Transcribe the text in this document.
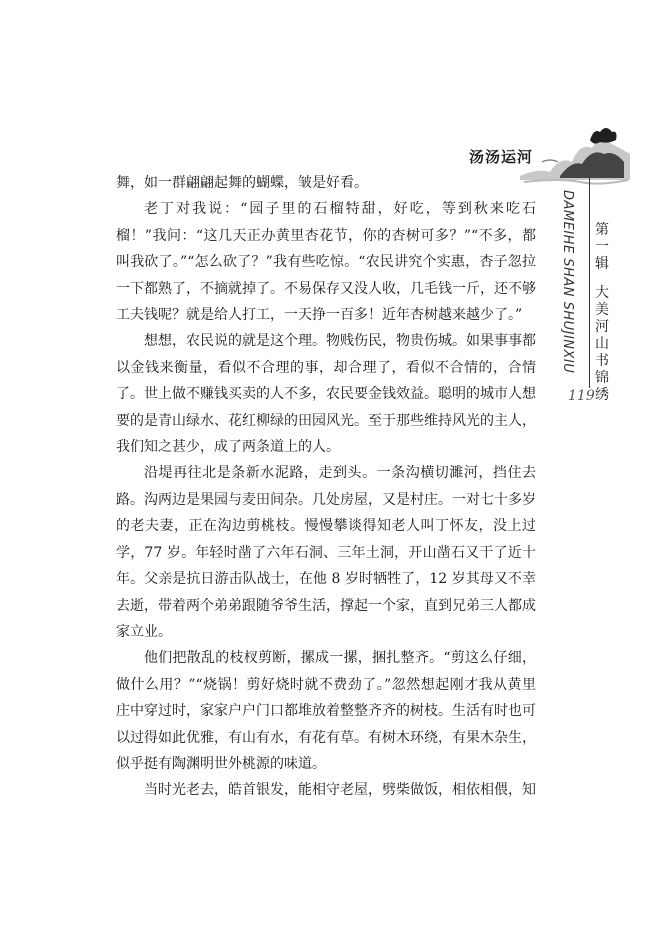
汤汤运河
DAMEIHE SHAN SHUJINXIU 第 一 辑
大 美 河 山 书 锦 绣
119

舞，如一群翩翩起舞的蝴蝶，皱是好看。

老丁对我说：“园子里的石榴特甜，好吃，等到秋来吃石榴！”我问：“这几天正办黄里杏花节，你的杏树可多？”“不多，都叫我砍了。”“怎么砍了？”我有些吃惊。“农民讲究个实惠，杏子忽拉一下都熟了，不摘就掉了。不易保存又没人收，几毛钱一斤，还不够工夫钱呢？就是给人打工，一天挣一百多！近年杏树越来越少了。”

想想，农民说的就是这个理。物贱伤民，物贵伤城。如果事事都以金钱来衡量，看似不合理的事，却合理了，看似不合情的，合情了。世上做不赚钱买卖的人不多，农民要金钱效益。聪明的城市人想要的是青山绿水、花红柳绿的田园风光。至于那些维持风光的主人，我们知之甚少，成了两条道上的人。

沿堤再往北是条新水泥路，走到头。一条沟横切濉河，挡住去路。沟两边是果园与麦田间杂。几处房屋，又是村庄。一对七十多岁的老夫妻，正在沟边剪桃枝。慢慢攀谈得知老人叫丁怀友，没上过学，77 岁。年轻时凿了六年石洞、三年土洞，开山凿石又干了近十年。父亲是抗日游击队战士，在他 8 岁时牺牲了，12 岁其母又不幸去逝，带着两个弟弟跟随爷爷生活，撑起一个家，直到兄弟三人都成家立业。

他们把散乱的枝杈剪断，摞成一摞，捆扎整齐。“剪这么仔细，做什么用？”“烧锅！剪好烧时就不费劲了。”忽然想起刚才我从黄里庄中穿过时，家家户户门口都堆放着整整齐齐的树枝。生活有时也可以过得如此优雅，有山有水，有花有草。有树木环绕，有果木杂生，似乎挺有陶渊明世外桃源的味道。

当时光老去，皓首银发，能相守老屋，劈柴做饭，相依相偎，知
